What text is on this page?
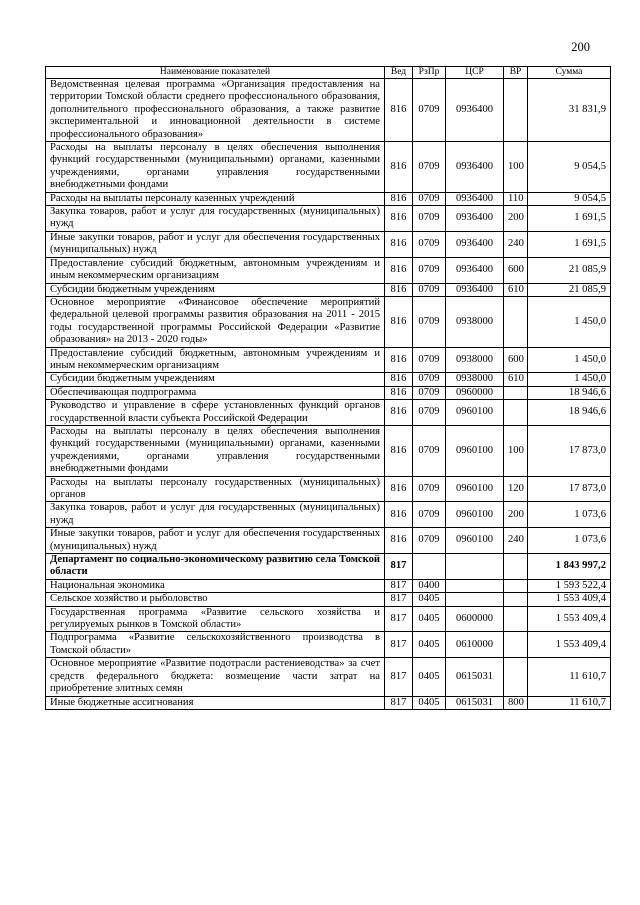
200
Наименование показателей	Вед	РзПр	ЦСР	ВР	Сумма
Ведомственная целевая программа «Организация предоставления на территории Томской области среднего профессионального образования, дополнительного профессионального образования, а также развитие экспериментальной и инновационной деятельности в системе профессионального образования»	816	0709	0936400		31 831,9
Расходы на выплаты персоналу в целях обеспечения выполнения функций государственными (муниципальными) органами, казенными учреждениями, органами управления государственными внебюджетными фондами	816	0709	0936400	100	9 054,5
Расходы на выплаты персоналу казенных учреждений	816	0709	0936400	110	9 054,5
Закупка товаров, работ и услуг для государственных (муниципальных) нужд	816	0709	0936400	200	1 691,5
Иные закупки товаров, работ и услуг для обеспечения государственных (муниципальных) нужд	816	0709	0936400	240	1 691,5
Предоставление субсидий бюджетным, автономным учреждениям и иным некоммерческим организациям	816	0709	0936400	600	21 085,9
Субсидии бюджетным учреждениям	816	0709	0936400	610	21 085,9
Основное мероприятие «Финансовое обеспечение мероприятий федеральной целевой программы развития образования на 2011 - 2015 годы государственной программы Российской Федерации «Развитие образования» на 2013 - 2020 годы»	816	0709	0938000		1 450,0
Предоставление субсидий бюджетным, автономным учреждениям и иным некоммерческим организациям	816	0709	0938000	600	1 450,0
Субсидии бюджетным учреждениям	816	0709	0938000	610	1 450,0
Обеспечивающая подпрограмма	816	0709	0960000		18 946,6
Руководство и управление в сфере установленных функций органов государственной власти субъекта Российской Федерации	816	0709	0960100		18 946,6
Расходы на выплаты персоналу в целях обеспечения выполнения функций государственными (муниципальными) органами, казенными учреждениями, органами управления государственными внебюджетными фондами	816	0709	0960100	100	17 873,0
Расходы на выплаты персоналу государственных (муниципальных) органов	816	0709	0960100	120	17 873,0
Закупка товаров, работ и услуг для государственных (муниципальных) нужд	816	0709	0960100	200	1 073,6
Иные закупки товаров, работ и услуг для обеспечения государственных (муниципальных) нужд	816	0709	0960100	240	1 073,6
Департамент по социально-экономическому развитию села Томской области	817				1 843 997,2
Национальная экономика	817	0400			1 593 522,4
Сельское хозяйство и рыболовство	817	0405			1 553 409,4
Государственная программа «Развитие сельского хозяйства и регулируемых рынков в Томской области»	817	0405	0600000		1 553 409,4
Подпрограмма «Развитие сельскохозяйственного производства в Томской области»	817	0405	0610000		1 553 409,4
Основное мероприятие «Развитие подотрасли растениеводства» за счет средств федерального бюджета: возмещение части затрат на приобретение элитных семян	817	0405	0615031		11 610,7
Иные бюджетные ассигнования	817	0405	0615031	800	11 610,7
